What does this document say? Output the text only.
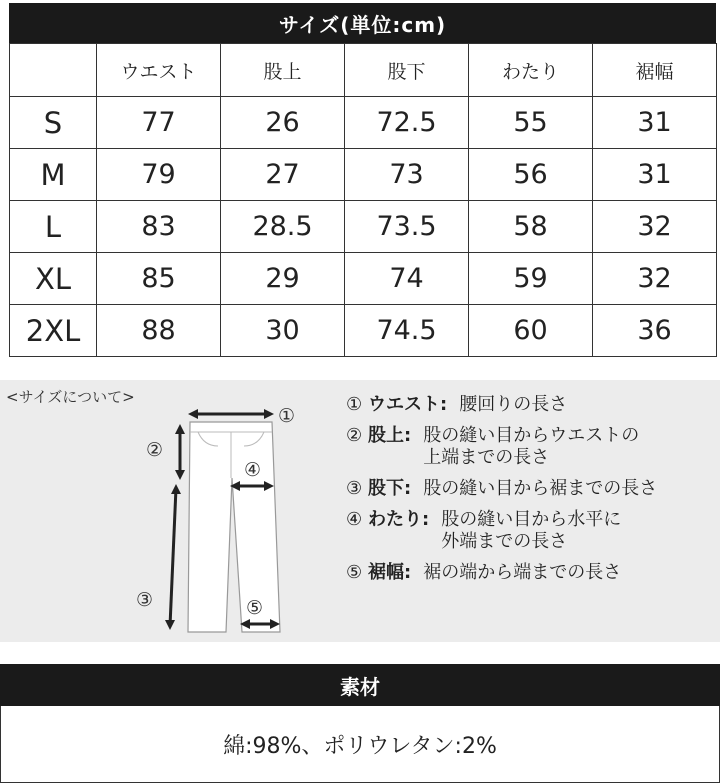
サイズ(単位:cm)
	ウエスト	股上	股下	わたり	裾幅
S	77	26	72.5	55	31
M	79	27	73	56	31
L	83	28.5	73.5	58	32
XL	85	29	74	59	32
2XL	88	30	74.5	60	36
<サイズについて>
①
②
③
④
⑤
① ウエスト : 腰回りの長さ
② 股上 : 股の縫い目からウエストの
上端までの長さ
③ 股下 : 股の縫い目から裾までの長さ
④ わたり : 股の縫い目から水平に
外端までの長さ
⑤ 裾幅 : 裾の端から端までの長さ
素材
綿:98%、ポリウレタン:2%
